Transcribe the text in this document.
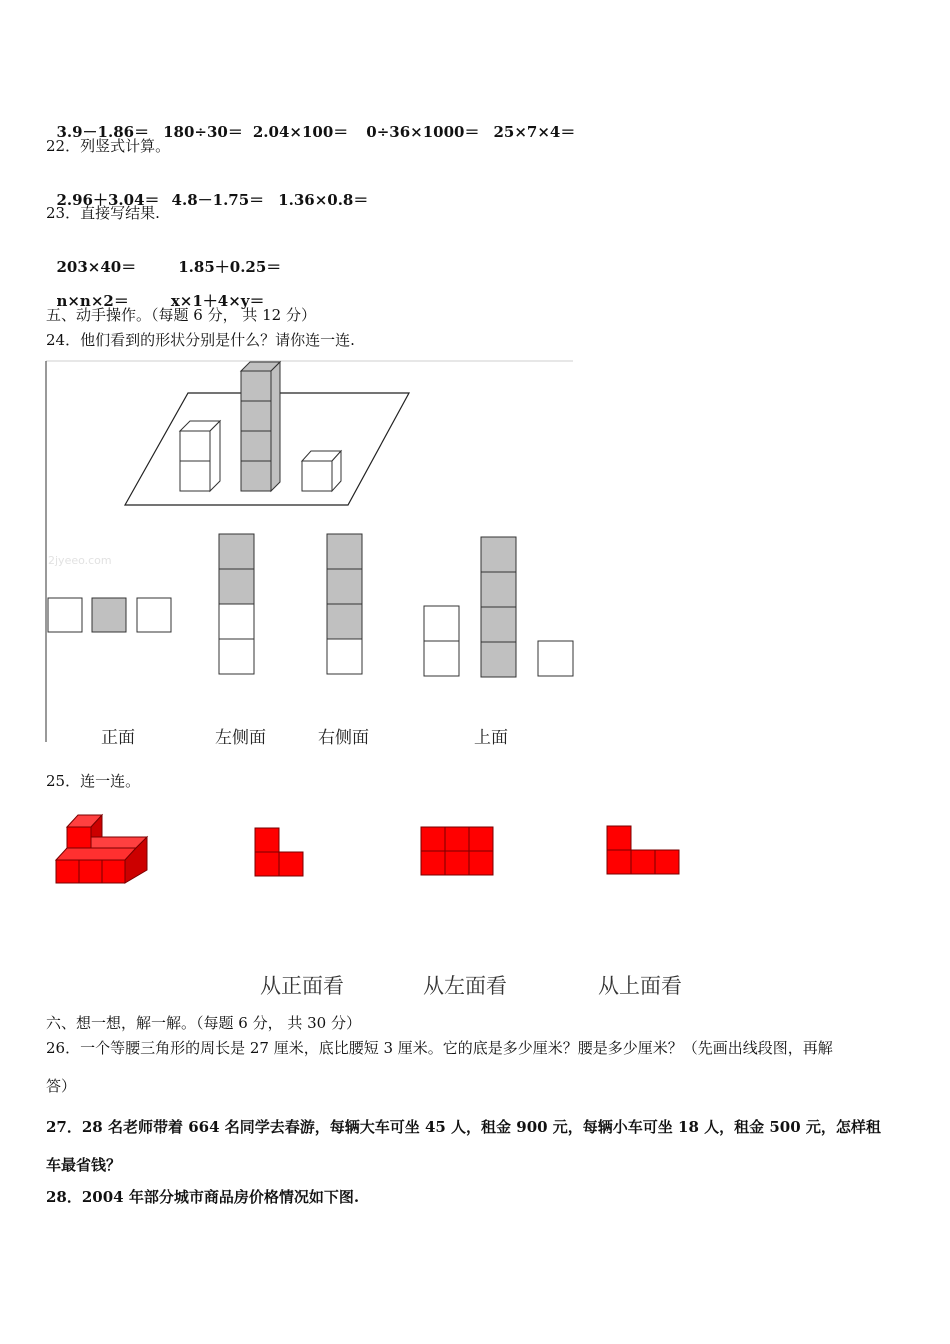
3.9－1.86＝ 180÷30＝ 2.04×100＝ 0÷36×1000＝ 25×7×4＝

22．列竖式计算。

2.96＋3.04＝ 4.8－1.75＝ 1.36×0.8＝

23．直接写结果.

203×40＝	1.85＋0.25＝

n×n×2＝	x×1＋4×y＝

五、动手操作。（每题 6 分， 共 12 分）
24．他们看到的形状分别是什么？请你连一连.
2jyeeo.com
正面	左侧面	右侧面	上面
25．连一连。
从正面看	从左面看	从上面看
六、想一想，解一解。（每题 6 分， 共 30 分）
26．一个等腰三角形的周长是 27 厘米，底比腰短 3 厘米。它的底是多少厘米？腰是多少厘米？（先画出线段图，再解
答）
27．28 名老师带着 664 名同学去春游，每辆大车可坐 45 人，租金 900 元，每辆小车可坐 18 人，租金 500 元，怎样租
车最省钱？
28．2004 年部分城市商品房价格情况如下图.
